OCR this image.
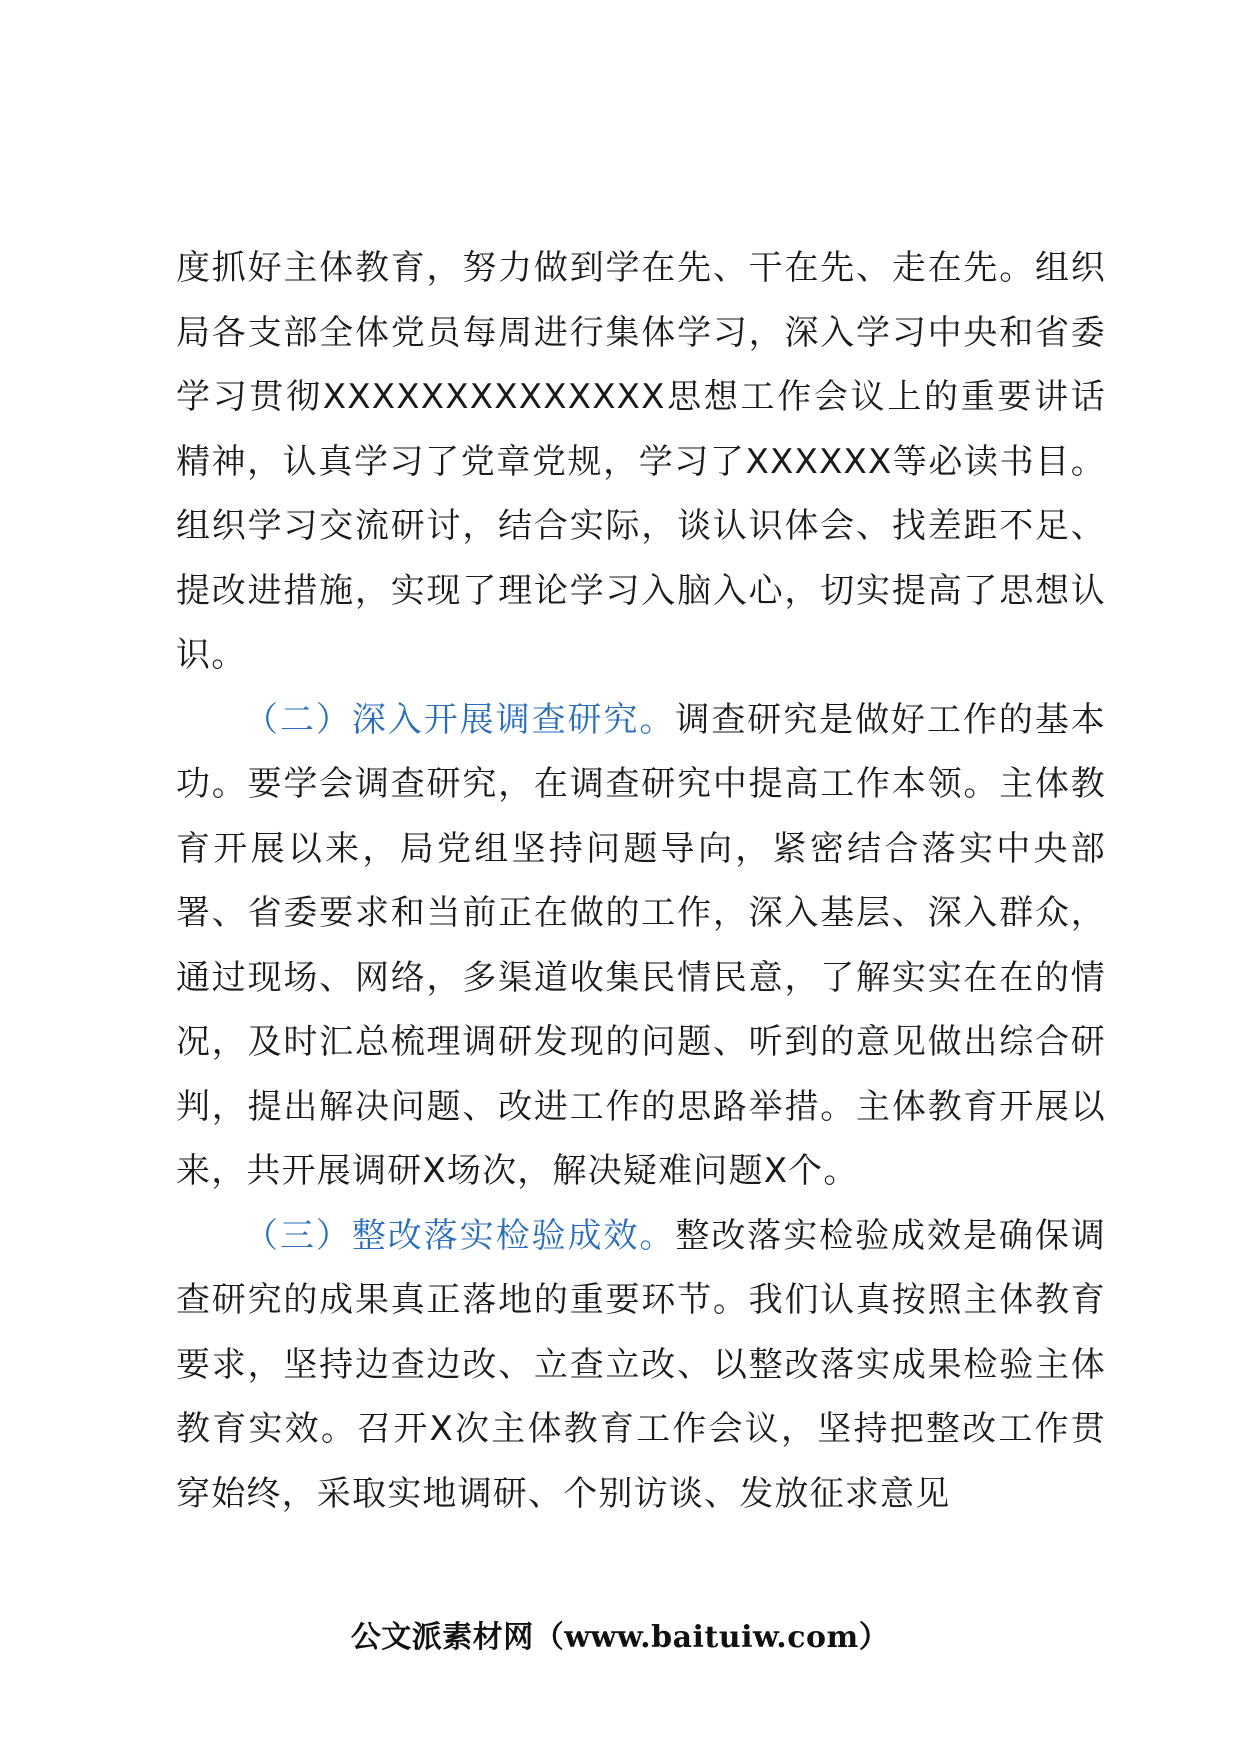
度抓好主体教育，努力做到学在先、干在先、走在先。组织局各支部全体党员每周进行集体学习，深入学习中央和省委学习贯彻XXXXXXXXXXXXXX思想工作会议上的重要讲话精神，认真学习了党章党规，学习了XXXXXX等必读书目。组织学习交流研讨，结合实际，谈认识体会、找差距不足、提改进措施，实现了理论学习入脑入心，切实提高了思想认识。

（二）深入开展调查研究。调查研究是做好工作的基本功。要学会调查研究，在调查研究中提高工作本领。主体教育开展以来，局党组坚持问题导向，紧密结合落实中央部署、省委要求和当前正在做的工作，深入基层、深入群众，通过现场、网络，多渠道收集民情民意，了解实实在在的情况，及时汇总梳理调研发现的问题、听到的意见做出综合研判，提出解决问题、改进工作的思路举措。主体教育开展以来，共开展调研X场次，解决疑难问题X个。

（三）整改落实检验成效。整改落实检验成效是确保调查研究的成果真正落地的重要环节。我们认真按照主体教育要求，坚持边查边改、立查立改、以整改落实成果检验主体教育实效。召开X次主体教育工作会议，坚持把整改工作贯穿始终，采取实地调研、个别访谈、发放征求意见

公文派素材网（www.baituiw.com）
